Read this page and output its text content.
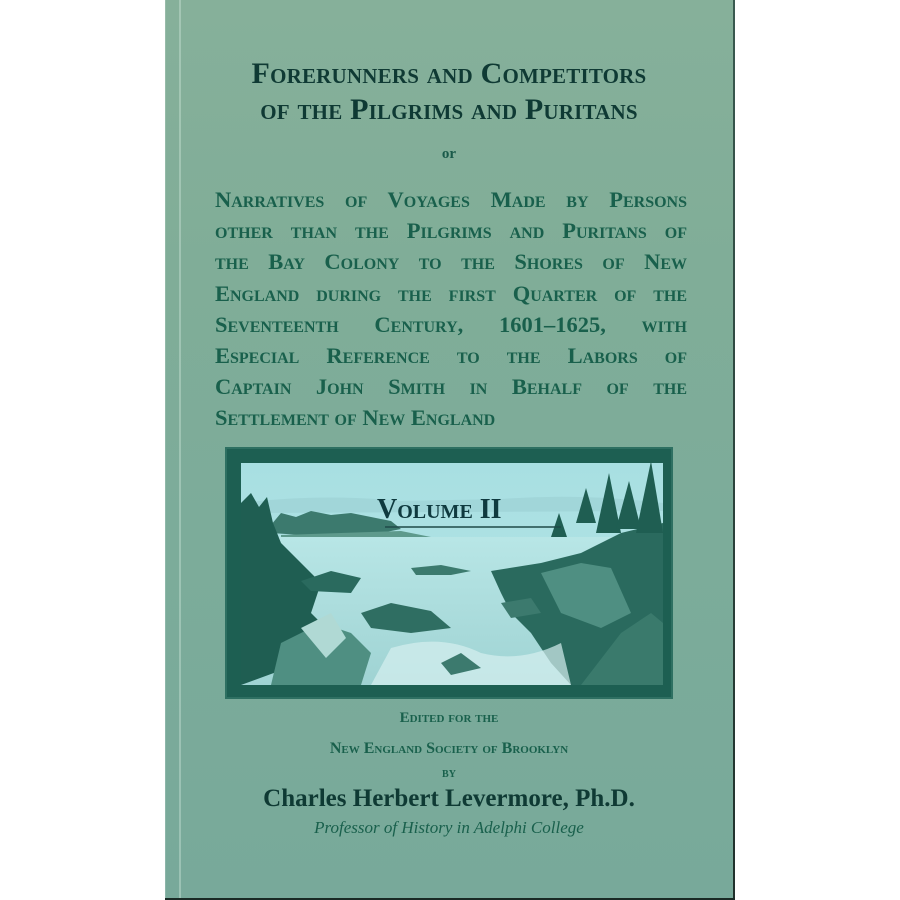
Forerunners and Competitors
of the Pilgrims and Puritans
or
Narratives of Voyages Made by Persons
other than the Pilgrims and Puritans of
the Bay Colony to the Shores of New
England during the first Quarter of the
Seventeenth Century, 1601–1625, with
Especial Reference to the Labors of
Captain John Smith in Behalf of the
Settlement of New England
Volume II
Edited for the
New England Society of Brooklyn
by
Charles Herbert Levermore, Ph.D.
Professor of History in Adelphi College
